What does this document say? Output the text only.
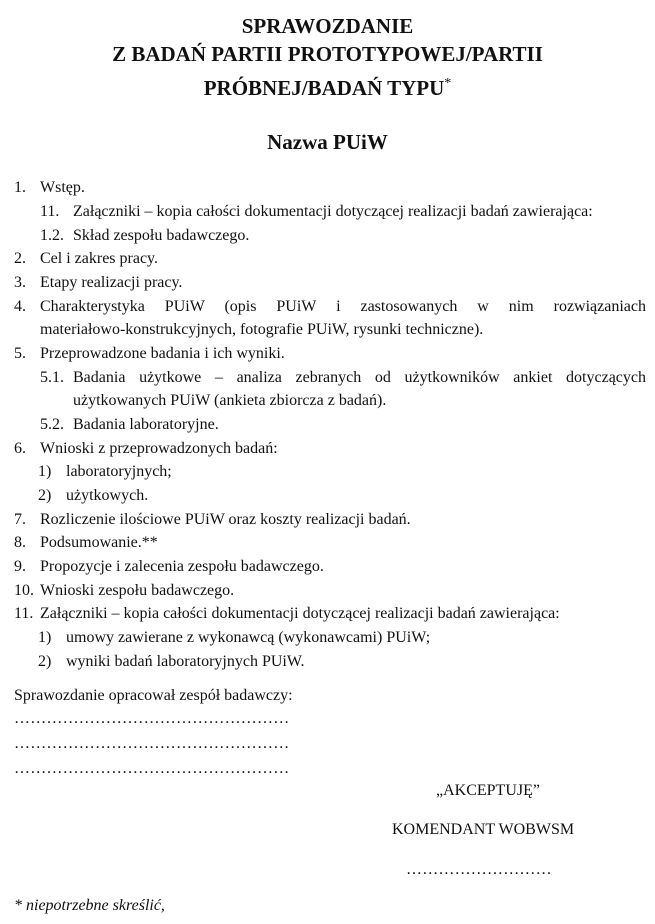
SPRAWOZDANIE
Z BADAŃ PARTII PROTOTYPOWEJ/PARTII
PRÓBNEJ/BADAŃ TYPU*
Nazwa PUiW
1. Wstęp.
11. Załączniki – kopia całości dokumentacji dotyczącej realizacji badań zawierająca:
1.2. Skład zespołu badawczego.
2. Cel i zakres pracy.
3. Etapy realizacji pracy.
4. Charakterystyka PUiW (opis PUiW i zastosowanych w nim rozwiązaniach
materiałowo-konstrukcyjnych, fotografie PUiW, rysunki techniczne).
5. Przeprowadzone badania i ich wyniki.
5.1. Badania użytkowe – analiza zebranych od użytkowników ankiet dotyczących
użytkowanych PUiW (ankieta zbiorcza z badań).
5.2. Badania laboratoryjne.
6. Wnioski z przeprowadzonych badań:
1) laboratoryjnych;
2) użytkowych.
7. Rozliczenie ilościowe PUiW oraz koszty realizacji badań.
8. Podsumowanie.**
9. Propozycje i zalecenia zespołu badawczego.
10. Wnioski zespołu badawczego.
11. Załączniki – kopia całości dokumentacji dotyczącej realizacji badań zawierająca:
1) umowy zawierane z wykonawcą (wykonawcami) PUiW;
2) wyniki badań laboratoryjnych PUiW.
Sprawozdanie opracował zespół badawczy:
……………………………………………
……………………………………………
……………………………………………
„AKCEPTUJĘ”
KOMENDANT WOBWSM
………………………
* niepotrzebne skreślić,
